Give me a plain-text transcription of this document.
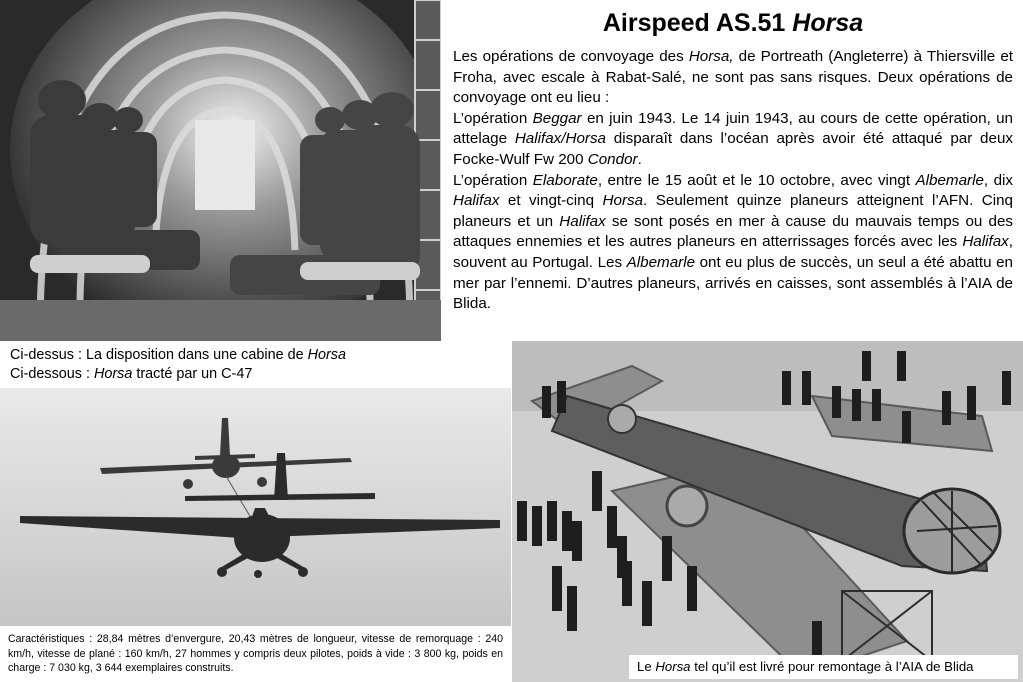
Airspeed AS.51 Horsa

Les opérations de convoyage des Horsa, de Portreath (Angleterre) à Thiersville et Froha, avec escale à Rabat-Salé, ne sont pas sans risques. Deux opérations de convoyage ont eu lieu :

L’opération Beggar en juin 1943. Le 14 juin 1943, au cours de cette opération, un attelage Halifax/Horsa disparaît dans l’océan après avoir été attaqué par deux Focke-Wulf Fw 200 Condor.

L’opération Elaborate, entre le 15 août et le 10 octobre, avec vingt Albemarle, dix Halifax et vingt-cinq Horsa. Seulement quinze planeurs atteignent l’AFN. Cinq planeurs et un Halifax se sont posés en mer à cause du mauvais temps ou des attaques ennemies et les autres planeurs en atterrissages forcés avec les Halifax, souvent au Portugal. Les Albemarle ont eu plus de succès, un seul a été abattu en mer par l’ennemi. D’autres planeurs, arrivés en caisses, sont assemblés à l’AIA de Blida.

Ci-dessus : La disposition dans une cabine de Horsa
Ci-dessous : Horsa tracté par un C-47
Caractéristiques : 28,84 mètres d’envergure, 20,43 mètres de longueur, vitesse de remorquage : 240 km/h, vitesse de plané : 160 km/h, 27 hommes y compris deux pilotes, poids à vide : 3 800 kg, poids en charge : 7 030 kg, 3 644 exemplaires construits.	Le Horsa tel qu’il est livré pour remontage à l’AIA de Blida
